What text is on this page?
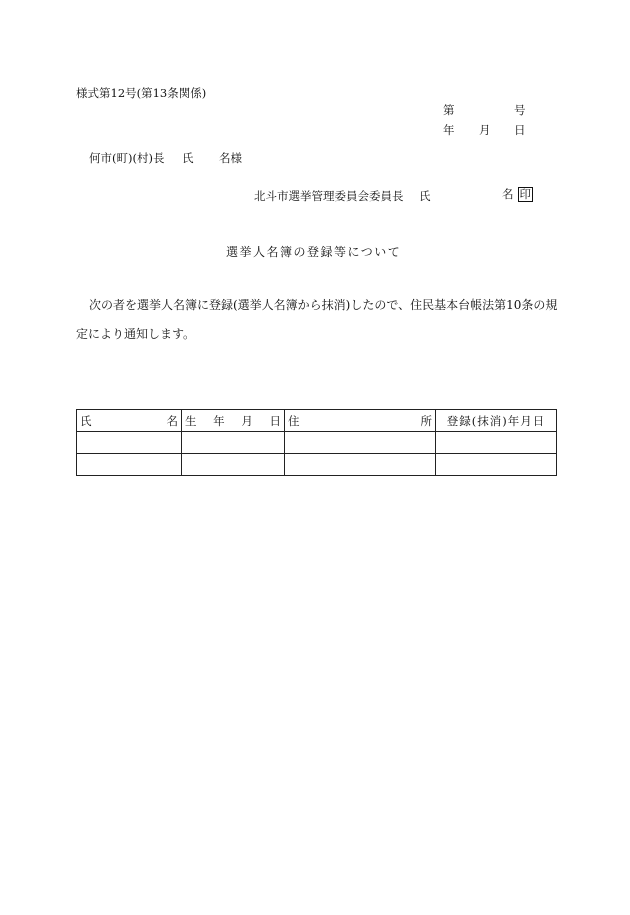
様式第12号(第13条関係)
第	号
年 月 日
何市(町)(村)長 氏 名様
北斗市選挙管理委員会委員長 氏	名 印
選挙人名簿の登録等について
次の者を選挙人名簿に登録(選挙人名簿から抹消)したので、住民基本台帳法第10条の規
定により通知します。
氏 名	生 年 月 日	住 所	登録(抹消)年月日
